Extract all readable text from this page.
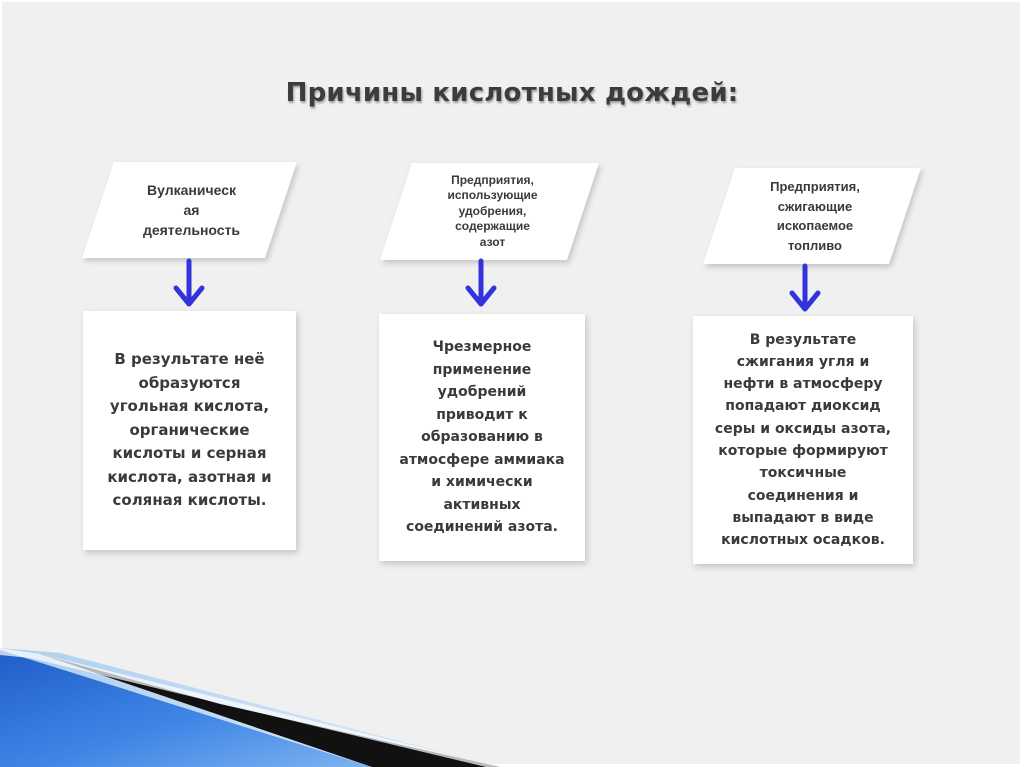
Причины кислотных дождей:
Вулканическ
ая
деятельность
Предприятия,
использующие
удобрения,
содержащие
азот
Предприятия,
сжигающие
ископаемое
топливо
В результате неё
образуются
угольная кислота,
органические
кислоты и серная
кислота, азотная и
соляная кислоты.
Чрезмерное
применение
удобрений
приводит к
образованию в
атмосфере аммиака
и химически
активных
соединений азота.
В результате
сжигания угля и
нефти в атмосферу
попадают диоксид
серы и оксиды азота,
которые формируют
токсичные
соединения и
выпадают в виде
кислотных осадков.
